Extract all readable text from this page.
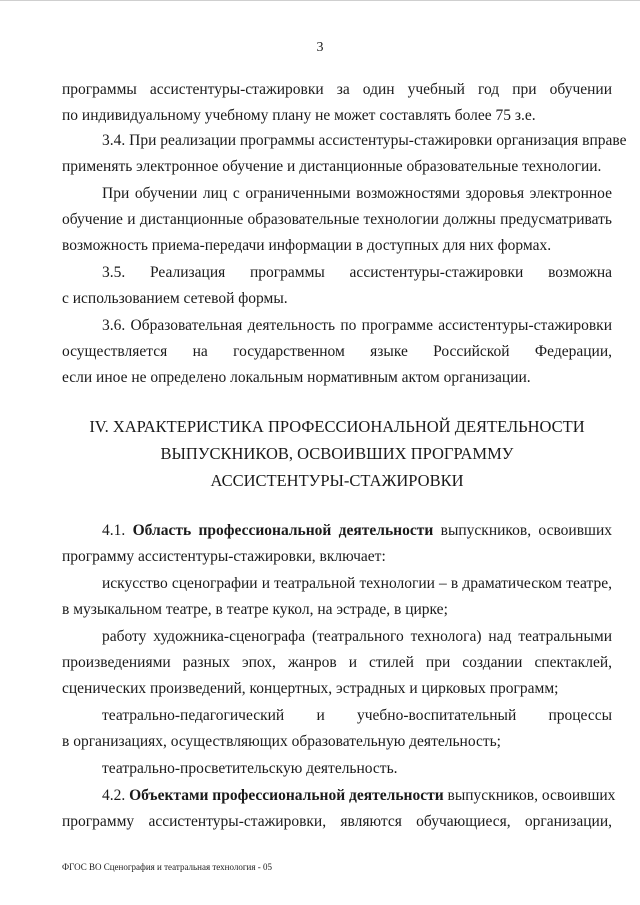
3
программы ассистентуры-стажировки за один учебный год при обучении
по индивидуальному учебному плану не может составлять более 75 з.е.
3.4. При реализации программы ассистентуры-стажировки организация вправе
применять электронное обучение и дистанционные образовательные технологии.
При обучении лиц с ограниченными возможностями здоровья электронное
обучение и дистанционные образовательные технологии должны предусматривать
возможность приема-передачи информации в доступных для них формах.
3.5. Реализация программы ассистентуры-стажировки возможна
с использованием сетевой формы.
3.6. Образовательная деятельность по программе ассистентуры-стажировки
осуществляется на государственном языке Российской Федерации,
если иное не определено локальным нормативным актом организации.
IV. ХАРАКТЕРИСТИКА ПРОФЕССИОНАЛЬНОЙ ДЕЯТЕЛЬНОСТИ
ВЫПУСКНИКОВ, ОСВОИВШИХ ПРОГРАММУ
АССИСТЕНТУРЫ-СТАЖИРОВКИ
4.1. Область профессиональной деятельности выпускников, освоивших
программу ассистентуры-стажировки, включает:
искусство сценографии и театральной технологии – в драматическом театре,
в музыкальном театре, в театре кукол, на эстраде, в цирке;
работу художника-сценографа (театрального технолога) над театральными
произведениями разных эпох, жанров и стилей при создании спектаклей,
сценических произведений, концертных, эстрадных и цирковых программ;
театрально-педагогический и учебно-воспитательный процессы
в организациях, осуществляющих образовательную деятельность;
театрально-просветительскую деятельность.
4.2. Объектами профессиональной деятельности выпускников, освоивших
программу ассистентуры-стажировки, являются обучающиеся, организации,
ФГОС ВО Сценография и театральная технология - 05
